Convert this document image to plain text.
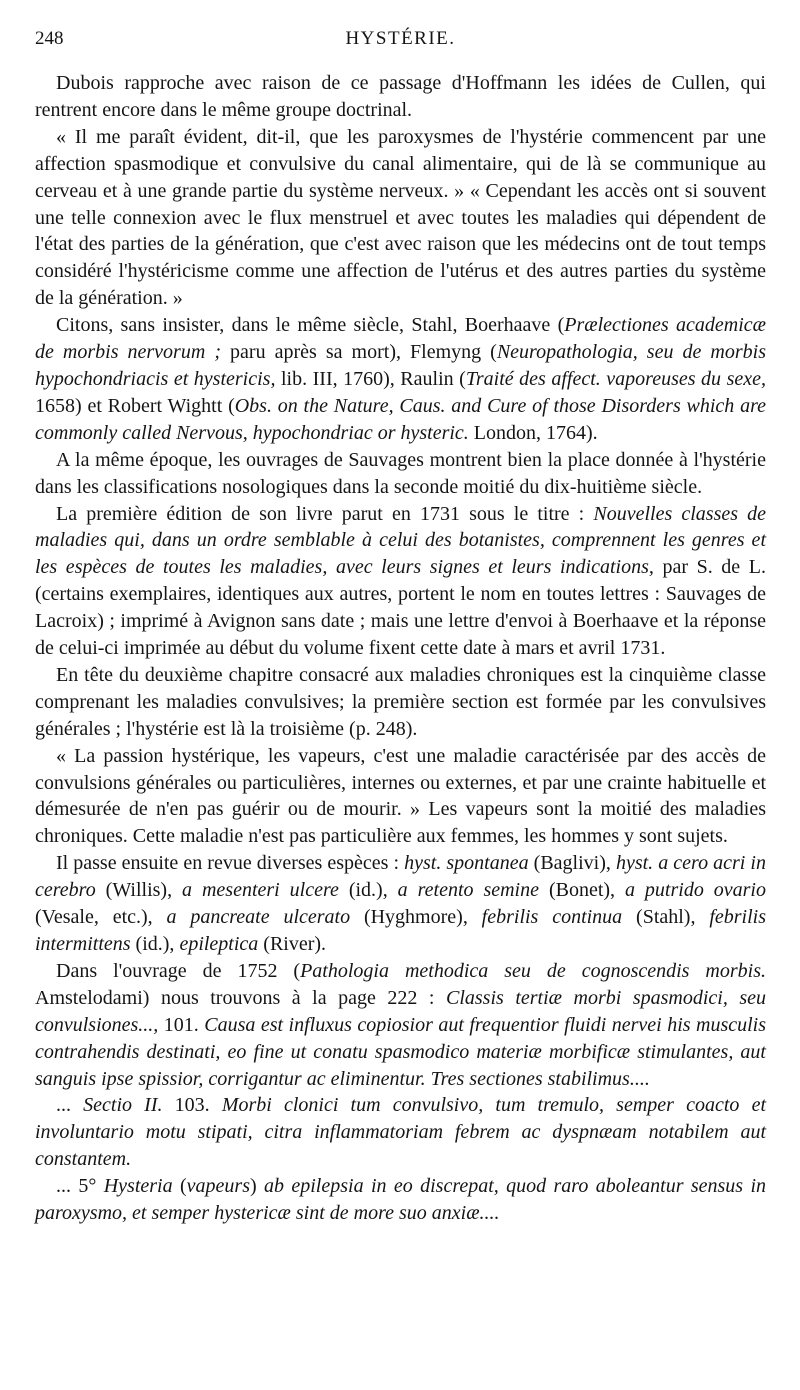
248	HYSTÉRIE.

Dubois rapproche avec raison de ce passage d'Hoffmann les idées de Cullen, qui rentrent encore dans le même groupe doctrinal.

« Il me paraît évident, dit-il, que les paroxysmes de l'hystérie commencent par une affection spasmodique et convulsive du canal alimentaire, qui de là se communique au cerveau et à une grande partie du système nerveux. » « Cependant les accès ont si souvent une telle connexion avec le flux menstruel et avec toutes les maladies qui dépendent de l'état des parties de la génération, que c'est avec raison que les médecins ont de tout temps considéré l'hystéricisme comme une affection de l'utérus et des autres parties du système de la génération. »

Citons, sans insister, dans le même siècle, Stahl, Boerhaave (Prælectiones academicæ de morbis nervorum ; paru après sa mort), Flemyng (Neuropathologia, seu de morbis hypochondriacis et hystericis, lib. III, 1760), Raulin (Traité des affect. vaporeuses du sexe, 1658) et Robert Wightt (Obs. on the Nature, Caus. and Cure of those Disorders which are commonly called Nervous, hypochondriac or hysteric. London, 1764).

A la même époque, les ouvrages de Sauvages montrent bien la place donnée à l'hystérie dans les classifications nosologiques dans la seconde moitié du dix-huitième siècle.

La première édition de son livre parut en 1731 sous le titre : Nouvelles classes de maladies qui, dans un ordre semblable à celui des botanistes, comprennent les genres et les espèces de toutes les maladies, avec leurs signes et leurs indications, par S. de L. (certains exemplaires, identiques aux autres, portent le nom en toutes lettres : Sauvages de Lacroix) ; imprimé à Avignon sans date ; mais une lettre d'envoi à Boerhaave et la réponse de celui-ci imprimée au début du volume fixent cette date à mars et avril 1731.

En tête du deuxième chapitre consacré aux maladies chroniques est la cinquième classe comprenant les maladies convulsives; la première section est formée par les convulsives générales ; l'hystérie est là la troisième (p. 248).

« La passion hystérique, les vapeurs, c'est une maladie caractérisée par des accès de convulsions générales ou particulières, internes ou externes, et par une crainte habituelle et démesurée de n'en pas guérir ou de mourir. » Les vapeurs sont la moitié des maladies chroniques. Cette maladie n'est pas particulière aux femmes, les hommes y sont sujets.

Il passe ensuite en revue diverses espèces : hyst. spontanea (Baglivi), hyst. a cero acri in cerebro (Willis), a mesenteri ulcere (id.), a retento semine (Bonet), a putrido ovario (Vesale, etc.), a pancreate ulcerato (Hyghmore), febrilis continua (Stahl), febrilis intermittens (id.), epileptica (River).

Dans l'ouvrage de 1752 (Pathologia methodica seu de cognoscendis morbis. Amstelodami) nous trouvons à la page 222 : Classis tertiæ morbi spasmodici, seu convulsiones..., 101. Causa est influxus copiosior aut frequentior fluidi nervei his musculis contrahendis destinati, eo fine ut conatu spasmodico materiæ morbificæ stimulantes, aut sanguis ipse spissior, corrigantur ac eliminentur. Tres sectiones stabilimus....

... Sectio II. 103. Morbi clonici tum convulsivo, tum tremulo, semper coacto et involuntario motu stipati, citra inflammatoriam febrem ac dyspnæam notabilem aut constantem.

... 5° Hysteria (vapeurs) ab epilepsia in eo discrepat, quod raro aboleantur sensus in paroxysmo, et semper hystericæ sint de more suo anxiæ....
